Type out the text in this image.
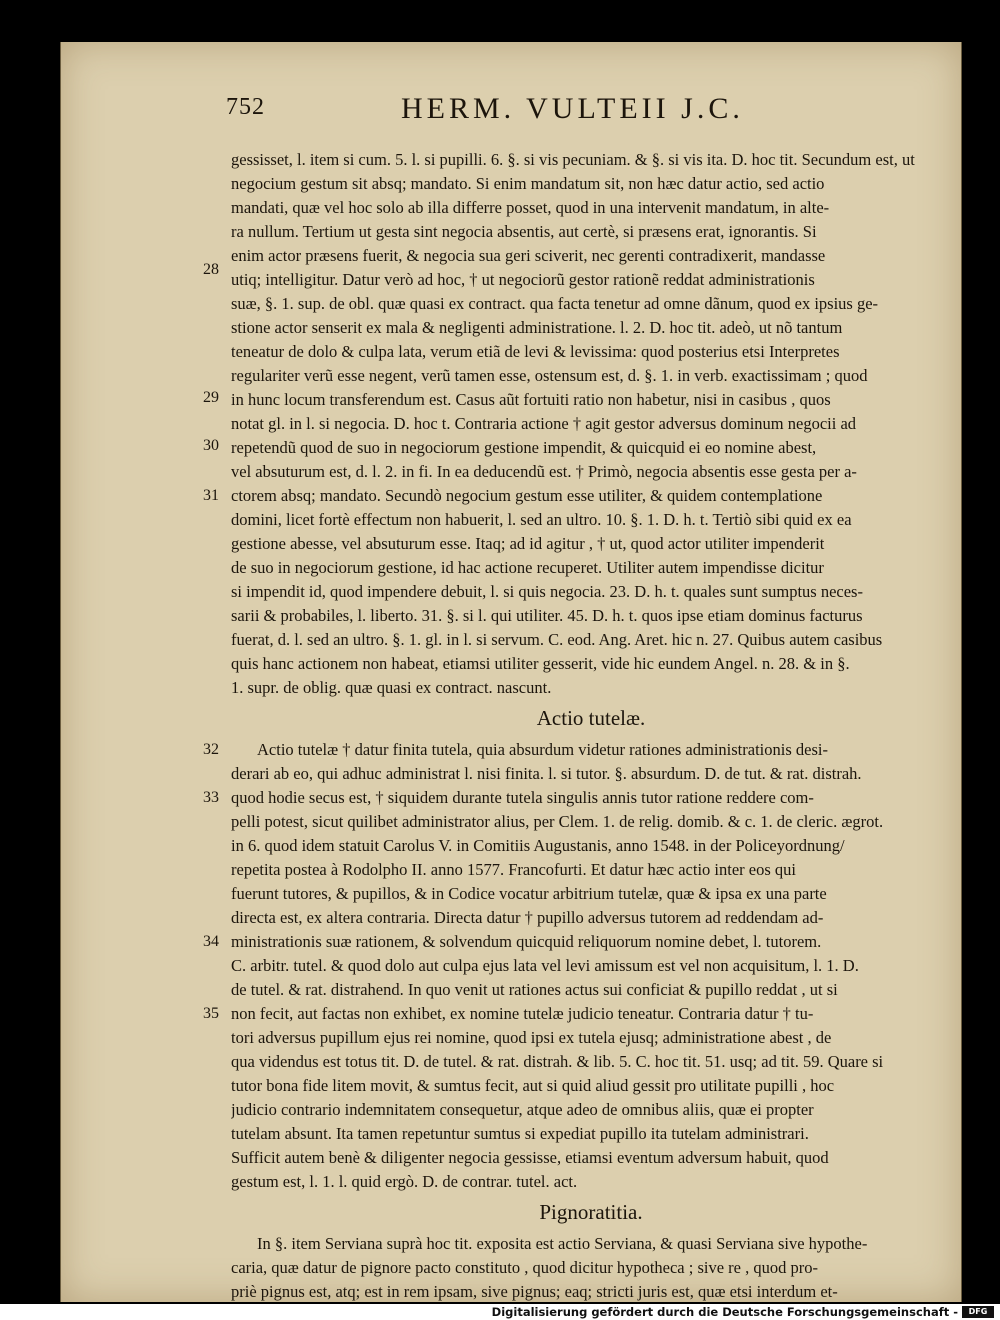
752	HERM. VULTEII J.C.
gessisset, l. item si cum. 5. l. si pupilli. 6. §. si vis pecuniam. & §. si vis ita. D. hoc tit. Secundum est, ut
negocium gestum sit absq; mandato. Si enim mandatum sit, non hæc datur actio, sed actio
mandati, quæ vel hoc solo ab illa differre posset, quod in una intervenit mandatum, in alte-
ra nullum. Tertium ut gesta sint negocia absentis, aut certè, si præsens erat, ignorantis. Si
enim actor præsens fuerit, & negocia sua geri sciverit, nec gerenti contradixerit, mandasse
28
utiq; intelligitur. Datur verò ad hoc, † ut negociorũ gestor rationẽ reddat administrationis
suæ, §. 1. sup. de obl. quæ quasi ex contract. qua facta tenetur ad omne dãnum, quod ex ipsius ge-
stione actor senserit ex mala & negligenti administratione. l. 2. D. hoc tit. adeò, ut nõ tantum
teneatur de dolo & culpa lata, verum etiã de levi & levissima: quod posterius etsi Interpretes
regulariter verũ esse negent, verũ tamen esse, ostensum est, d. §. 1. in verb. exactissimam ; quod
in hunc locum transferendum est. Casus aũt fortuiti ratio non habetur, nisi in casibus , quos
29
notat gl. in l. si negocia. D. hoc t. Contraria actione † agit gestor adversus dominum negocii ad
repetendũ quod de suo in negociorum gestione impendit, & quicquid ei eo nomine abest,
30
vel absuturum est, d. l. 2. in fi. In ea deducendũ est. † Primò, negocia absentis esse gesta per a-
ctorem absq; mandato. Secundò negocium gestum esse utiliter, & quidem contemplatione
domini, licet fortè effectum non habuerit, l. sed an ultro. 10. §. 1. D. h. t. Tertiò sibi quid ex ea
31
gestione abesse, vel absuturum esse. Itaq; ad id agitur , † ut, quod actor utiliter impenderit
de suo in negociorum gestione, id hac actione recuperet. Utiliter autem impendisse dicitur
si impendit id, quod impendere debuit, l. si quis negocia. 23. D. h. t. quales sunt sumptus neces-
sarii & probabiles, l. liberto. 31. §. si l. qui utiliter. 45. D. h. t. quos ipse etiam dominus facturus
fuerat, d. l. sed an ultro. §. 1. gl. in l. si servum. C. eod. Ang. Aret. hic n. 27. Quibus autem casibus
quis hanc actionem non habeat, etiamsi utiliter gesserit, vide hic eundem Angel. n. 28. & in §.
1. supr. de oblig. quæ quasi ex contract. nascunt.
Actio tutelæ.
32	Actio tutelæ † datur finita tutela, quia absurdum videtur rationes administrationis desi-
derari ab eo, qui adhuc administrat l. nisi finita. l. si tutor. §. absurdum. D. de tut. & rat. distrah.
33 quod hodie secus est, † siquidem durante tutela singulis annis tutor ratione reddere com-
pelli potest, sicut quilibet administrator alius, per Clem. 1. de relig. domib. & c. 1. de cleric. ægrot.
in 6. quod idem statuit Carolus V. in Comitiis Augustanis, anno 1548. in der Policeyordnung/
repetita postea à Rodolpho II. anno 1577. Francofurti. Et datur hæc actio inter eos qui
fuerunt tutores, & pupillos, & in Codice vocatur arbitrium tutelæ, quæ & ipsa ex una parte
directa est, ex altera contraria. Directa datur † pupillo adversus tutorem ad reddendam ad-
34 ministrationis suæ rationem, & solvendum quicquid reliquorum nomine debet, l. tutorem.
C. arbitr. tutel. & quod dolo aut culpa ejus lata vel levi amissum est vel non acquisitum, l. 1. D.
de tutel. & rat. distrahend. In quo venit ut rationes actus sui conficiat & pupillo reddat , ut si
35 non fecit, aut factas non exhibet, ex nomine tutelæ judicio teneatur. Contraria datur † tu-
tori adversus pupillum ejus rei nomine, quod ipsi ex tutela ejusq; administratione abest , de
qua videndus est totus tit. D. de tutel. & rat. distrah. & lib. 5. C. hoc tit. 51. usq; ad tit. 59. Quare si
tutor bona fide litem movit, & sumtus fecit, aut si quid aliud gessit pro utilitate pupilli , hoc
judicio contrario indemnitatem consequetur, atque adeo de omnibus aliis, quæ ei propter
tutelam absunt. Ita tamen repetuntur sumtus si expediat pupillo ita tutelam administrari.
Sufficit autem benè & diligenter negocia gessisse, etiamsi eventum adversum habuit, quod
gestum est, l. 1. l. quid ergò. D. de contrar. tutel. act.
Pignoratitia.
In §. item Serviana suprà hoc tit. exposita est actio Serviana, & quasi Serviana sive hypothe-
caria, quæ datur de pignore pacto constituto , quod dicitur hypotheca ; sive re , quod pro-
priè pignus est, atq; est in rem ipsam, sive pignus; eaq; stricti juris est, quæ etsi interdum et-
Digitalisierung gefördert durch die Deutsche Forschungsgemeinschaft -	DFG
